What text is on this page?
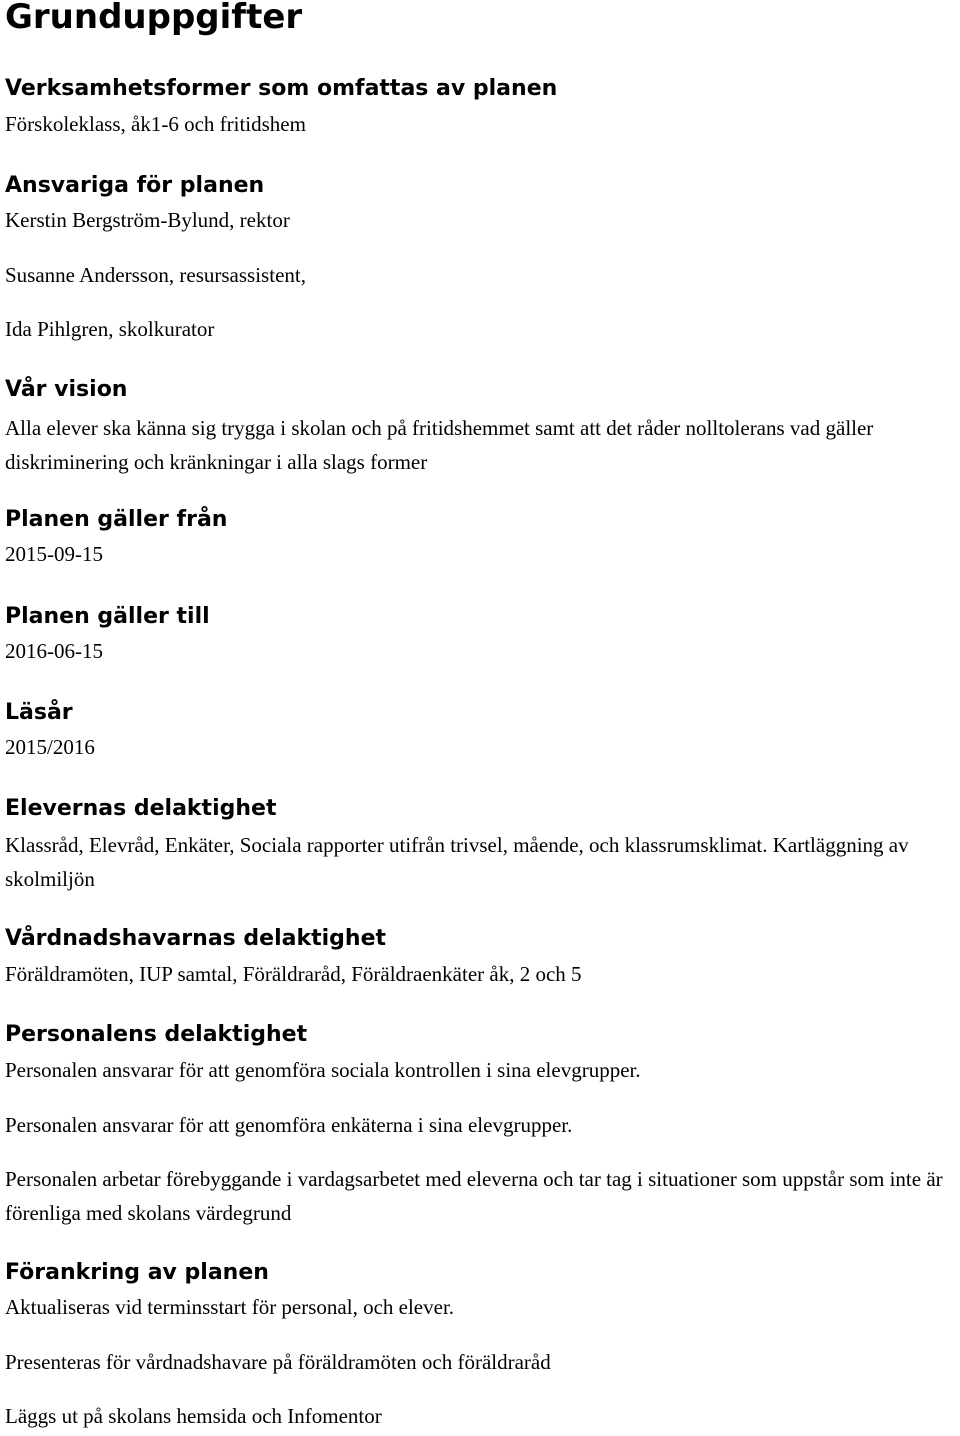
Grunduppgifter
Verksamhetsformer som omfattas av planen

Förskoleklass, åk1-6 och fritidshem

Ansvariga för planen

Kerstin Bergström-Bylund, rektor

Susanne Andersson, resursassistent,

Ida Pihlgren, skolkurator

Vår vision

Alla elever ska känna sig trygga i skolan och på fritidshemmet samt att det råder nolltolerans vad gäller diskriminering och kränkningar i alla slags former

Planen gäller från

2015-09-15

Planen gäller till

2016-06-15

Läsår

2015/2016

Elevernas delaktighet

Klassråd, Elevråd, Enkäter, Sociala rapporter utifrån trivsel, mående, och klassrumsklimat. Kartläggning av skolmiljön

Vårdnadshavarnas delaktighet

Föräldramöten, IUP samtal, Föräldraråd, Föräldraenkäter åk, 2 och 5

Personalens delaktighet

Personalen ansvarar för att genomföra sociala kontrollen i sina elevgrupper.

Personalen ansvarar för att genomföra enkäterna i sina elevgrupper.

Personalen arbetar förebyggande i vardagsarbetet med eleverna och tar tag i situationer som uppstår som inte är förenliga med skolans värdegrund

Förankring av planen

Aktualiseras vid terminsstart för personal, och elever.

Presenteras för vårdnadshavare på föräldramöten och föräldraråd

Läggs ut på skolans hemsida och Infomentor
